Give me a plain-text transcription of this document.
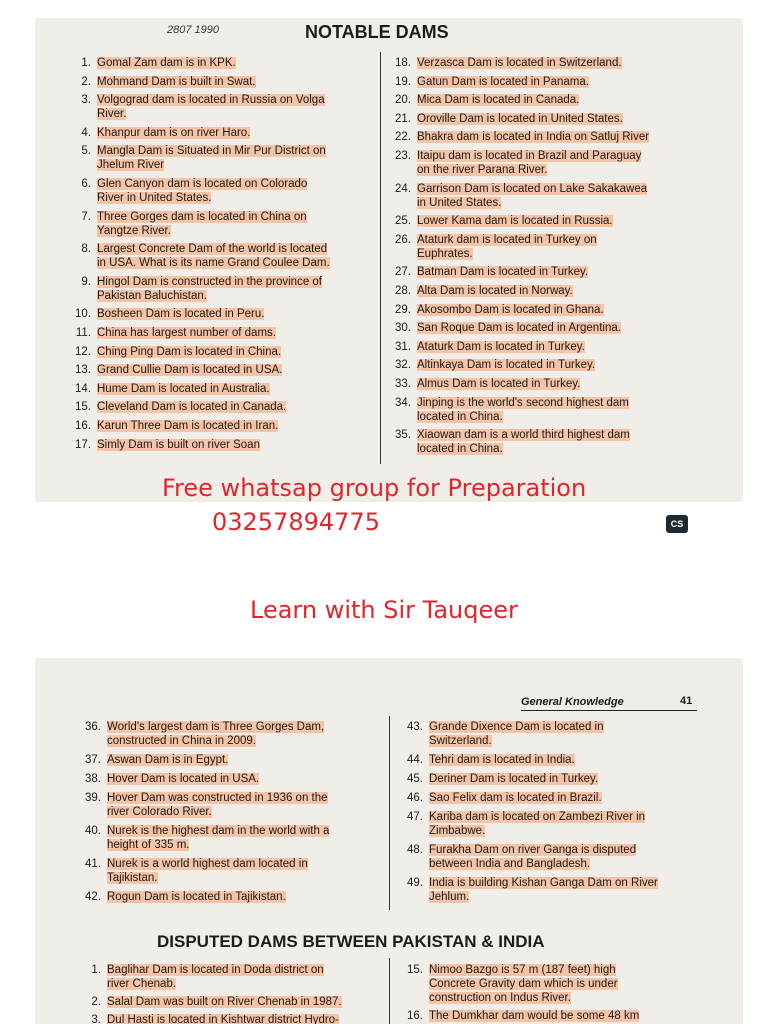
2807 1990	NOTABLE DAMS
1. Gomal Zam dam is in KPK.
2. Mohmand Dam is built in Swat.
3. Volgograd dam is located in Russia on Volga
River.
4. Khanpur dam is on river Haro.
5. Mangla Dam is Situated in Mir Pur District on
Jhelum River
6. Glen Canyon dam is located on Colorado
River in United States.
7. Three Gorges dam is located in China on
Yangtze River.
8. Largest Concrete Dam of the world is located
in USA. What is its name Grand Coulee Dam.
9. Hingol Dam is constructed in the province of
Pakistan Baluchistan.
10. Bosheen Dam is located in Peru.
11. China has largest number of dams.
12. Ching Ping Dam is located in China.
13. Grand Cullie Dam is located in USA.
14. Hume Dam is located in Australia.
15. Cleveland Dam is located in Canada.
16. Karun Three Dam is located in Iran.
17. Simly Dam is built on river Soan
18. Verzasca Dam is located in Switzerland.
19. Gatun Dam is located in Panama.
20. Mica Dam is located in Canada.
21. Oroville Dam is located in United States.
22. Bhakra dam is located in India on Satluj River
23. Itaipu dam is located in Brazil and Paraguay
on the river Parana River.
24. Garrison Dam is located on Lake Sakakawea
in United States.
25. Lower Kama dam is located in Russia.
26. Ataturk dam is located in Turkey on
Euphrates.
27. Batman Dam is located in Turkey.
28. Alta Dam is located in Norway.
29. Akosombo Dam is located in Ghana.
30. San Roque Dam is located in Argentina.
31. Ataturk Dam is located in Turkey.
32. Altinkaya Dam is located in Turkey.
33. Almus Dam is located in Turkey.
34. Jinping is the world's second highest dam
located in China.
35. Xiaowan dam is a world third highest dam
located in China.
Free whatsap group for Preparation
03257894775	CS
Learn with Sir Tauqeer
General Knowledge	41
36. World's largest dam is Three Gorges Dam,
constructed in China in 2009.
37. Aswan Dam is in Egypt.
38. Hover Dam is located in USA.
39. Hover Dam was constructed in 1936 on the
river Colorado River.
40. Nurek is the highest dam in the world with a
height of 335 m.
41. Nurek is a world highest dam located in
Tajikistan.
42. Rogun Dam is located in Tajikistan.
43. Grande Dixence Dam is located in
Switzerland.
44. Tehri dam is located in India.
45. Deriner Dam is located in Turkey.
46. Sao Felix dam is located in Brazil.
47. Kariba dam is located on Zambezi River in
Zimbabwe.
48. Furakha Dam on river Ganga is disputed
between India and Bangladesh.
49. India is building Kishan Ganga Dam on River
Jehlum.
DISPUTED DAMS BETWEEN PAKISTAN & INDIA
1. Baglihar Dam is located in Doda district on
river Chenab.
2. Salal Dam was built on River Chenab in 1987.
3. Dul Hasti is located in Kishtwar district Hydro-
15. Nimoo Bazgo is 57 m (187 feet) high
Concrete Gravity dam which is under
construction on Indus River.
16. The Dumkhar dam would be some 48 km
